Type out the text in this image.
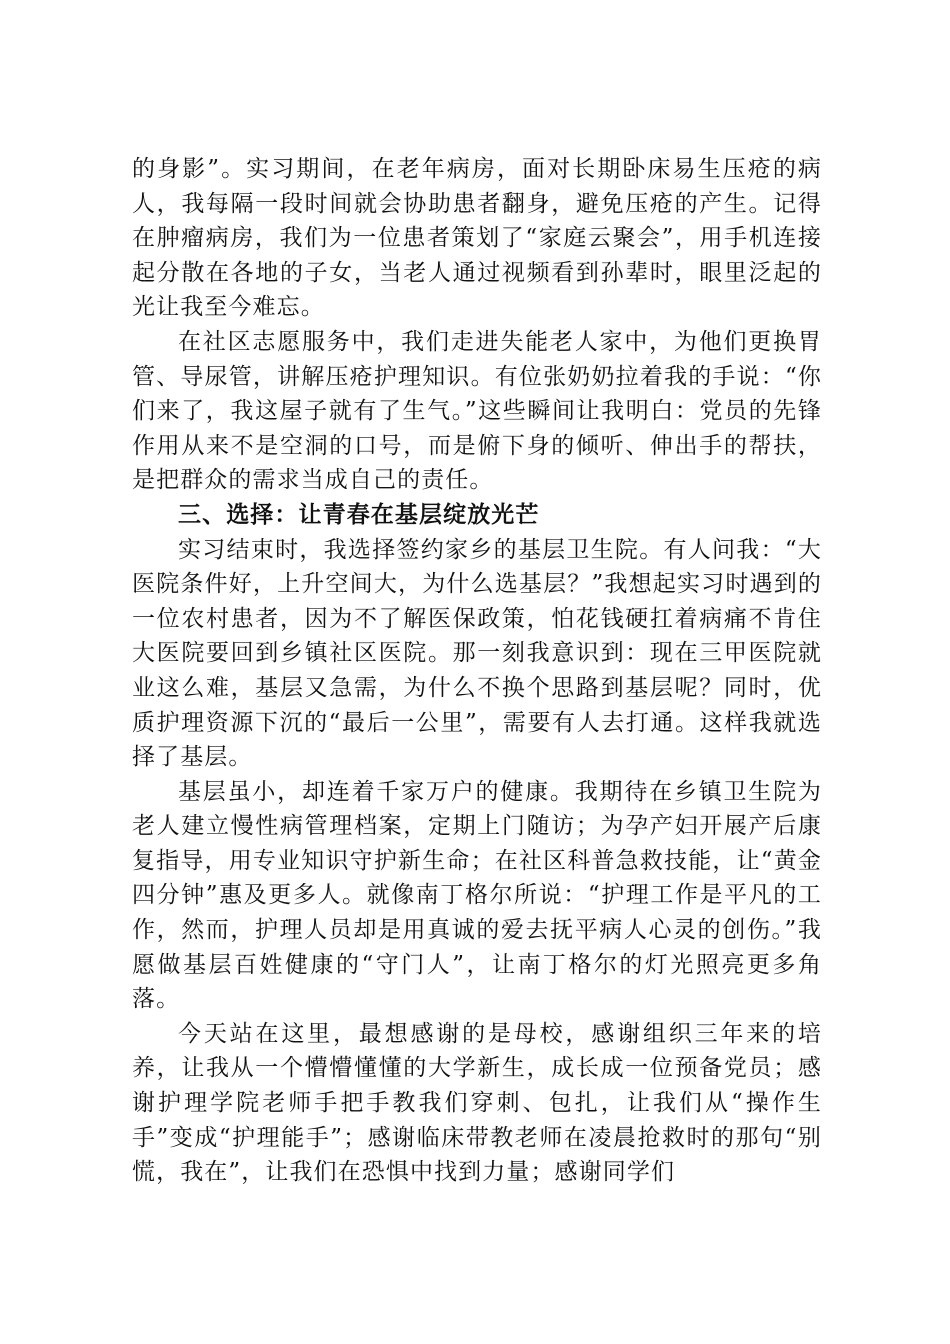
的身影”。实习期间，在老年病房，面对长期卧床易生压疮的病人，我每隔一段时间就会协助患者翻身，避免压疮的产生。记得在肿瘤病房，我们为一位患者策划了“家庭云聚会”，用手机连接起分散在各地的子女，当老人通过视频看到孙辈时，眼里泛起的光让我至今难忘。

在社区志愿服务中，我们走进失能老人家中，为他们更换胃管、导尿管，讲解压疮护理知识。有位张奶奶拉着我的手说：“你们来了，我这屋子就有了生气。”这些瞬间让我明白：党员的先锋作用从来不是空洞的口号，而是俯下身的倾听、伸出手的帮扶，是把群众的需求当成自己的责任。

三、选择：让青春在基层绽放光芒

实习结束时，我选择签约家乡的基层卫生院。有人问我：“大医院条件好，上升空间大，为什么选基层？”我想起实习时遇到的一位农村患者，因为不了解医保政策，怕花钱硬扛着病痛不肯住大医院要回到乡镇社区医院。那一刻我意识到：现在三甲医院就业这么难，基层又急需，为什么不换个思路到基层呢？同时，优质护理资源下沉的“最后一公里”，需要有人去打通。这样我就选择了基层。

基层虽小，却连着千家万户的健康。我期待在乡镇卫生院为老人建立慢性病管理档案，定期上门随访；为孕产妇开展产后康复指导，用专业知识守护新生命；在社区科普急救技能，让“黄金四分钟”惠及更多人。就像南丁格尔所说：“护理工作是平凡的工作，然而，护理人员却是用真诚的爱去抚平病人心灵的创伤。”我愿做基层百姓健康的“守门人”，让南丁格尔的灯光照亮更多角落。

今天站在这里，最想感谢的是母校，感谢组织三年来的培养，让我从一个懵懵懂懂的大学新生，成长成一位预备党员；感谢护理学院老师手把手教我们穿刺、包扎，让我们从“操作生手”变成“护理能手”；感谢临床带教老师在凌晨抢救时的那句“别慌，我在”，让我们在恐惧中找到力量；感谢同学们
